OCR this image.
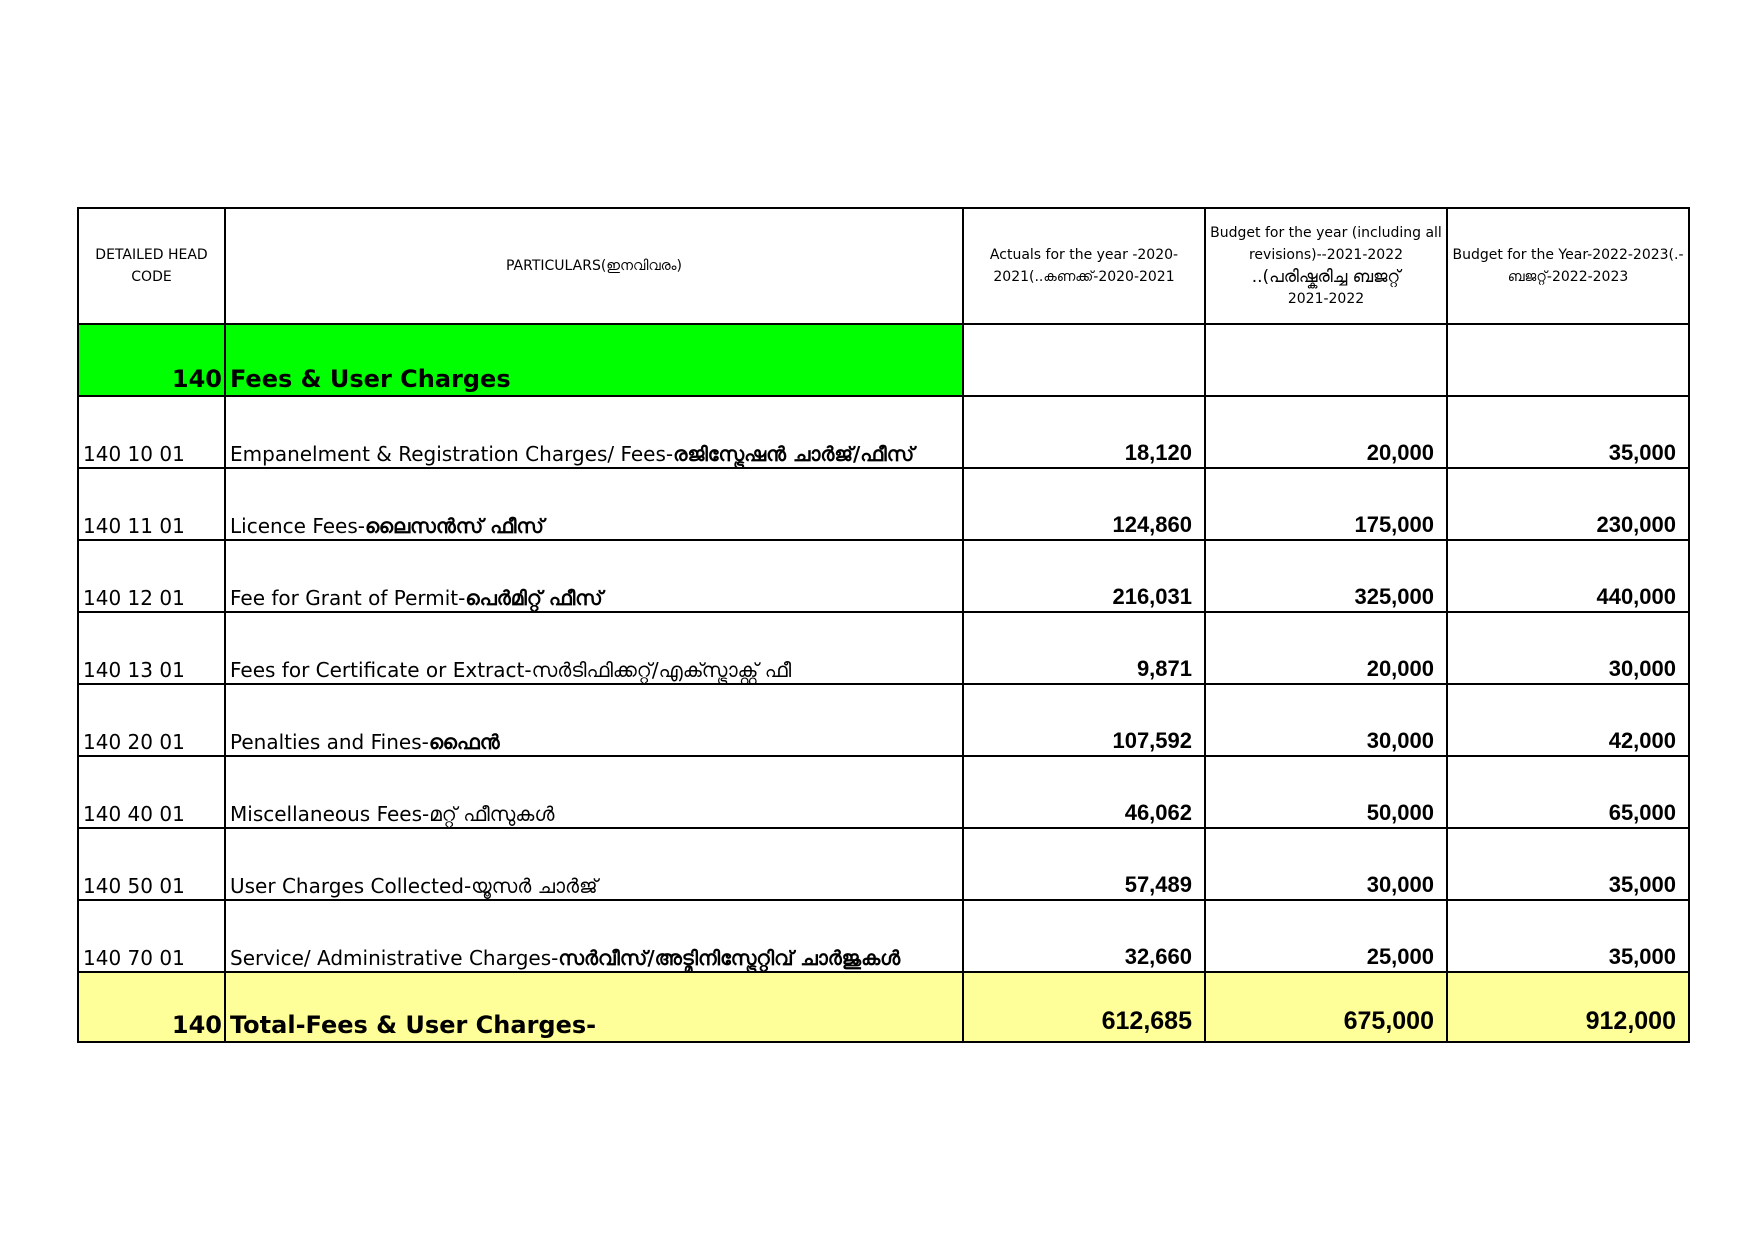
DETAILED HEAD CODE	PARTICULARS(ഇനവിവരം)	Actuals for the year -2020-2021(..കണക്ക്-2020-2021	Budget for the year (including all revisions)--2021-2022
..(പരിഷ്കരിച്ച ബജറ്റ്
2021-2022	Budget for the Year-2022-2023(.-ബജറ്റ്-2022-2023
140	Fees & User Charges			
140 10 01	Empanelment & Registration Charges/ Fees-രജിസ്ട്രേഷൻ ചാർജ്/ഫീസ്	18,120	20,000	35,000
140 11 01	Licence Fees-ലൈസൻസ് ഫീസ്	124,860	175,000	230,000
140 12 01	Fee for Grant of Permit-പെർമിറ്റ് ഫീസ്	216,031	325,000	440,000
140 13 01	Fees for Certificate or Extract-സർടിഫിക്കറ്റ്/എക്സ്ട്രാക്റ്റ് ഫീ	9,871	20,000	30,000
140 20 01	Penalties and Fines-ഫൈൻ	107,592	30,000	42,000
140 40 01	Miscellaneous Fees-മറ്റ് ഫീസുകൾ	46,062	50,000	65,000
140 50 01	User Charges Collected-യൂസർ ചാർജ്	57,489	30,000	35,000
140 70 01	Service/ Administrative Charges-സർവീസ്/അട്മിനിസ്ട്രേറ്റിവ് ചാർജുകൾ	32,660	25,000	35,000
140	Total-Fees & User Charges-	612,685	675,000	912,000
